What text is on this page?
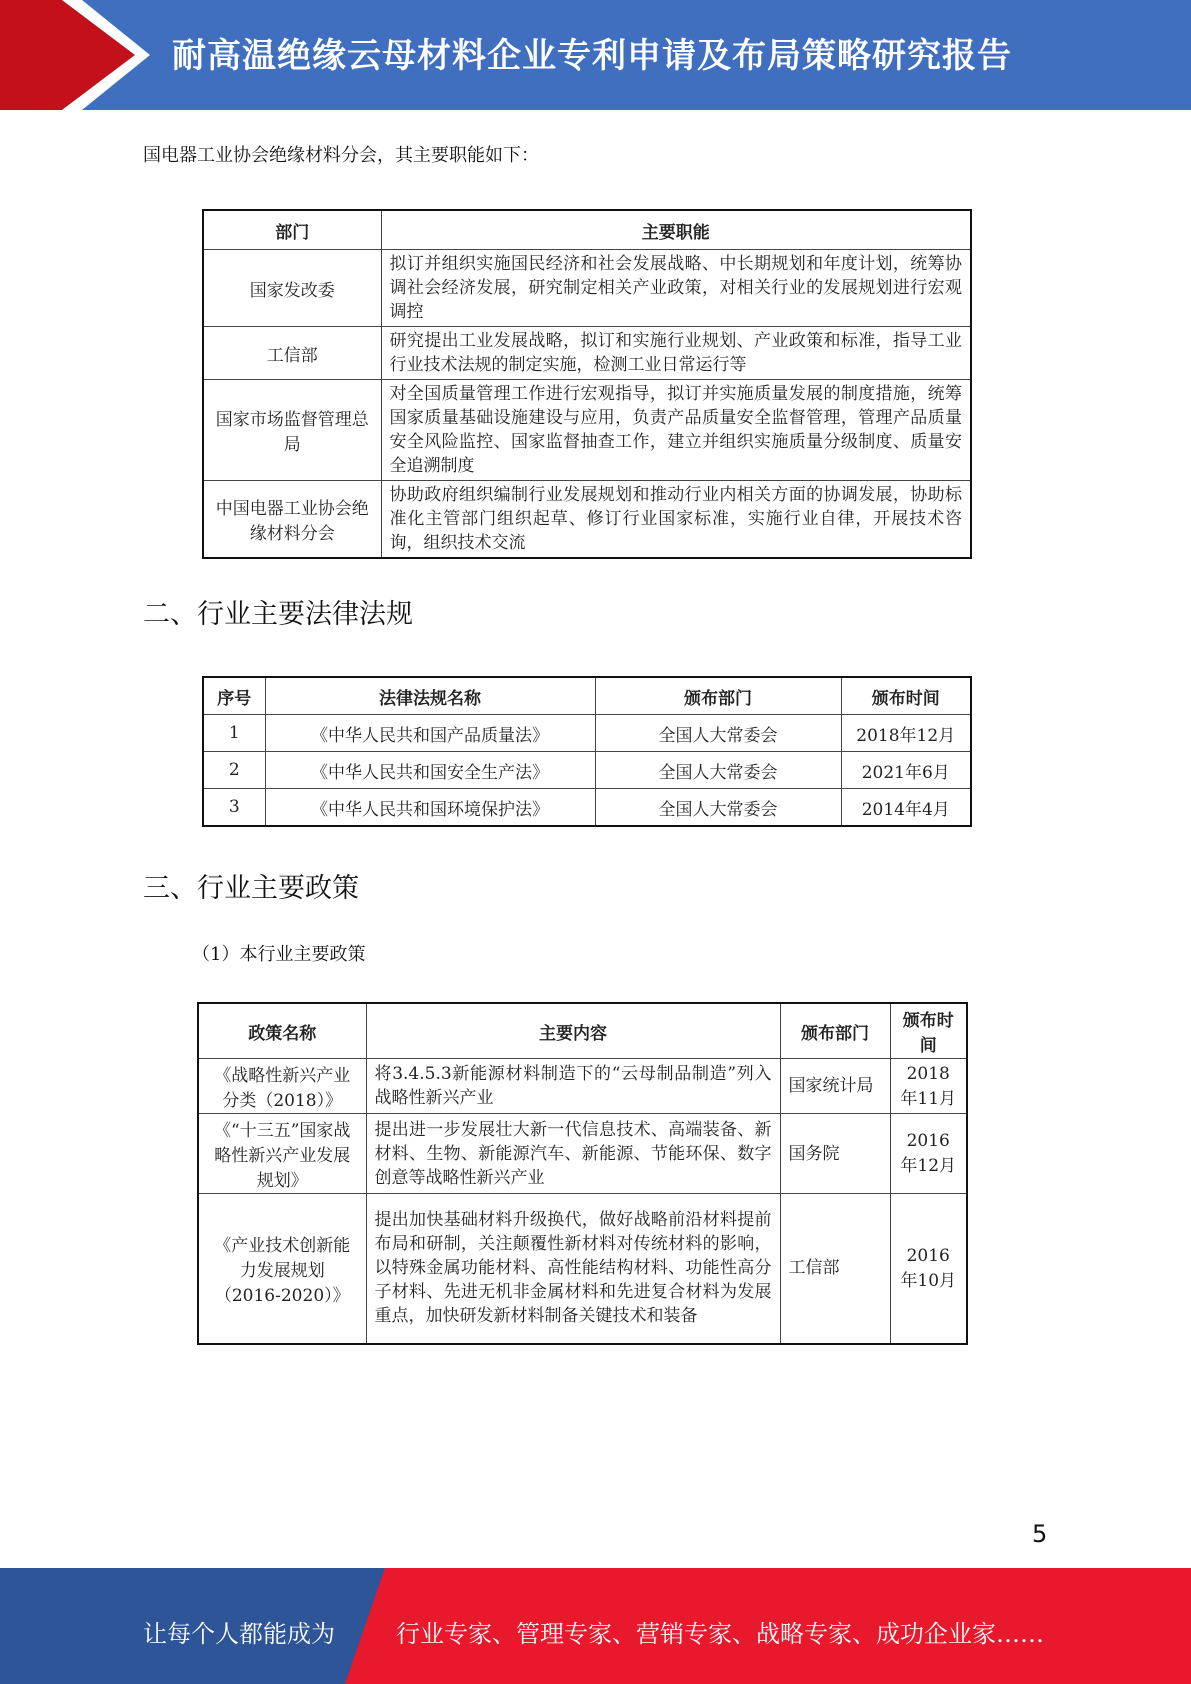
耐高温绝缘云母材料企业专利申请及布局策略研究报告
国电器工业协会绝缘材料分会，其主要职能如下：
部门	主要职能
国家发改委	拟订并组织实施国民经济和社会发展战略、中长期规划和年度计划，统筹协调社会经济发展，研究制定相关产业政策，对相关行业的发展规划进行宏观调控
工信部	研究提出工业发展战略，拟订和实施行业规划、产业政策和标准，指导工业行业技术法规的制定实施，检测工业日常运行等
国家市场监督管理总局	对全国质量管理工作进行宏观指导，拟订并实施质量发展的制度措施，统筹国家质量基础设施建设与应用，负责产品质量安全监督管理，管理产品质量安全风险监控、国家监督抽查工作，建立并组织实施质量分级制度、质量安全追溯制度
中国电器工业协会绝缘材料分会	协助政府组织编制行业发展规划和推动行业内相关方面的协调发展，协助标准化主管部门组织起草、修订行业国家标准，实施行业自律，开展技术咨询，组织技术交流
二、行业主要法律法规
序号	法律法规名称	颁布部门	颁布时间
1	《中华人民共和国产品质量法》	全国人大常委会	2018年12月
2	《中华人民共和国安全生产法》	全国人大常委会	2021年6月
3	《中华人民共和国环境保护法》	全国人大常委会	2014年4月
三、行业主要政策
（1）本行业主要政策
政策名称	主要内容	颁布部门	颁布时间
《战略性新兴产业分类（2018）》	将3.4.5.3新能源材料制造下的“云母制品制造”列入战略性新兴产业	国家统计局	2018年11月
《“十三五”国家战略性新兴产业发展规划》	提出进一步发展壮大新一代信息技术、高端装备、新材料、生物、新能源汽车、新能源、节能环保、数字创意等战略性新兴产业	国务院	2016年12月
《产业技术创新能力发展规划（2016-2020）》	提出加快基础材料升级换代，做好战略前沿材料提前布局和研制，关注颠覆性新材料对传统材料的影响，以特殊金属功能材料、高性能结构材料、功能性高分子材料、先进无机非金属材料和先进复合材料为发展重点，加快研发新材料制备关键技术和装备	工信部	2016年10月
5
让每个人都能成为	行业专家、管理专家、营销专家、战略专家、成功企业家……
